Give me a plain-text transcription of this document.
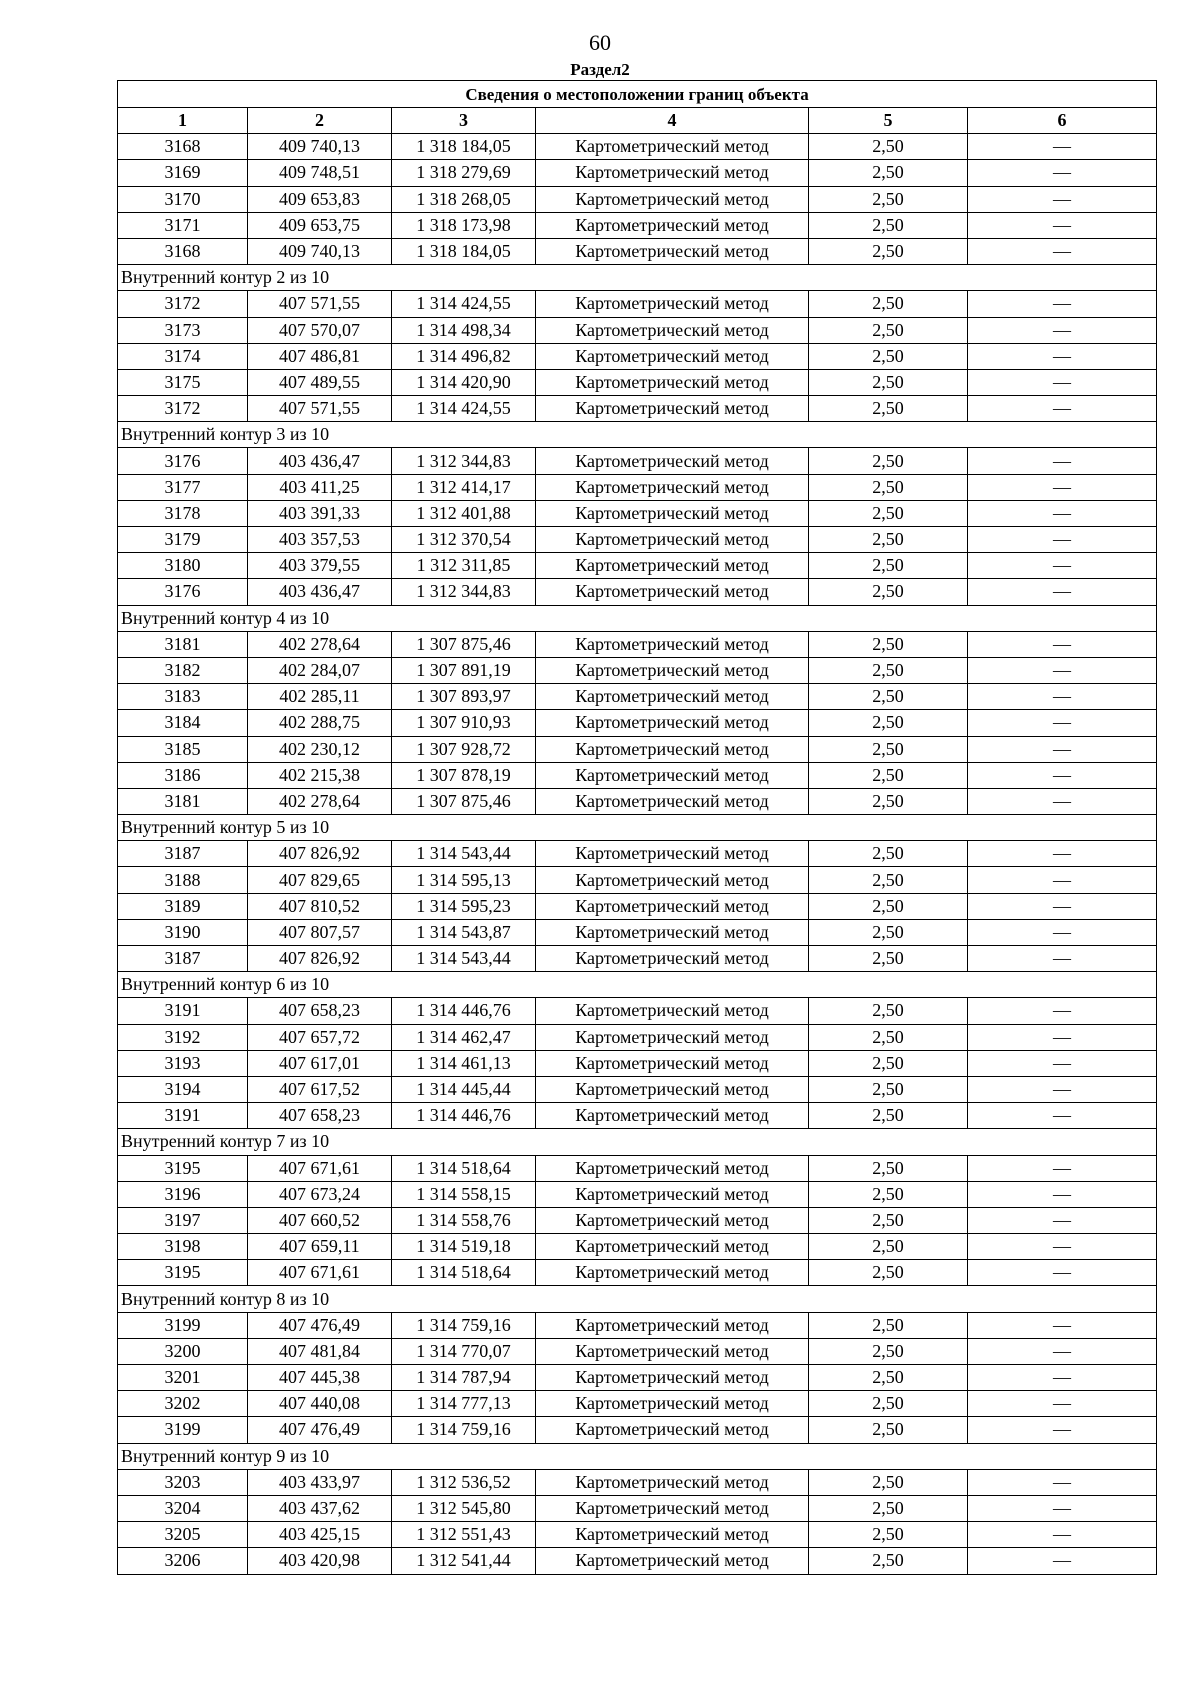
60
Раздел2
Сведения о местоположении границ объекта					
1	2	3	4	5	6
3168	409 740,13	1 318 184,05	Картометрический метод	2,50	—
3169	409 748,51	1 318 279,69	Картометрический метод	2,50	—
3170	409 653,83	1 318 268,05	Картометрический метод	2,50	—
3171	409 653,75	1 318 173,98	Картометрический метод	2,50	—
3168	409 740,13	1 318 184,05	Картометрический метод	2,50	—
Внутренний контур 2 из 10					
3172	407 571,55	1 314 424,55	Картометрический метод	2,50	—
3173	407 570,07	1 314 498,34	Картометрический метод	2,50	—
3174	407 486,81	1 314 496,82	Картометрический метод	2,50	—
3175	407 489,55	1 314 420,90	Картометрический метод	2,50	—
3172	407 571,55	1 314 424,55	Картометрический метод	2,50	—
Внутренний контур 3 из 10					
3176	403 436,47	1 312 344,83	Картометрический метод	2,50	—
3177	403 411,25	1 312 414,17	Картометрический метод	2,50	—
3178	403 391,33	1 312 401,88	Картометрический метод	2,50	—
3179	403 357,53	1 312 370,54	Картометрический метод	2,50	—
3180	403 379,55	1 312 311,85	Картометрический метод	2,50	—
3176	403 436,47	1 312 344,83	Картометрический метод	2,50	—
Внутренний контур 4 из 10					
3181	402 278,64	1 307 875,46	Картометрический метод	2,50	—
3182	402 284,07	1 307 891,19	Картометрический метод	2,50	—
3183	402 285,11	1 307 893,97	Картометрический метод	2,50	—
3184	402 288,75	1 307 910,93	Картометрический метод	2,50	—
3185	402 230,12	1 307 928,72	Картометрический метод	2,50	—
3186	402 215,38	1 307 878,19	Картометрический метод	2,50	—
3181	402 278,64	1 307 875,46	Картометрический метод	2,50	—
Внутренний контур 5 из 10					
3187	407 826,92	1 314 543,44	Картометрический метод	2,50	—
3188	407 829,65	1 314 595,13	Картометрический метод	2,50	—
3189	407 810,52	1 314 595,23	Картометрический метод	2,50	—
3190	407 807,57	1 314 543,87	Картометрический метод	2,50	—
3187	407 826,92	1 314 543,44	Картометрический метод	2,50	—
Внутренний контур 6 из 10					
3191	407 658,23	1 314 446,76	Картометрический метод	2,50	—
3192	407 657,72	1 314 462,47	Картометрический метод	2,50	—
3193	407 617,01	1 314 461,13	Картометрический метод	2,50	—
3194	407 617,52	1 314 445,44	Картометрический метод	2,50	—
3191	407 658,23	1 314 446,76	Картометрический метод	2,50	—
Внутренний контур 7 из 10					
3195	407 671,61	1 314 518,64	Картометрический метод	2,50	—
3196	407 673,24	1 314 558,15	Картометрический метод	2,50	—
3197	407 660,52	1 314 558,76	Картометрический метод	2,50	—
3198	407 659,11	1 314 519,18	Картометрический метод	2,50	—
3195	407 671,61	1 314 518,64	Картометрический метод	2,50	—
Внутренний контур 8 из 10					
3199	407 476,49	1 314 759,16	Картометрический метод	2,50	—
3200	407 481,84	1 314 770,07	Картометрический метод	2,50	—
3201	407 445,38	1 314 787,94	Картометрический метод	2,50	—
3202	407 440,08	1 314 777,13	Картометрический метод	2,50	—
3199	407 476,49	1 314 759,16	Картометрический метод	2,50	—
Внутренний контур 9 из 10					
3203	403 433,97	1 312 536,52	Картометрический метод	2,50	—
3204	403 437,62	1 312 545,80	Картометрический метод	2,50	—
3205	403 425,15	1 312 551,43	Картометрический метод	2,50	—
3206	403 420,98	1 312 541,44	Картометрический метод	2,50	—
